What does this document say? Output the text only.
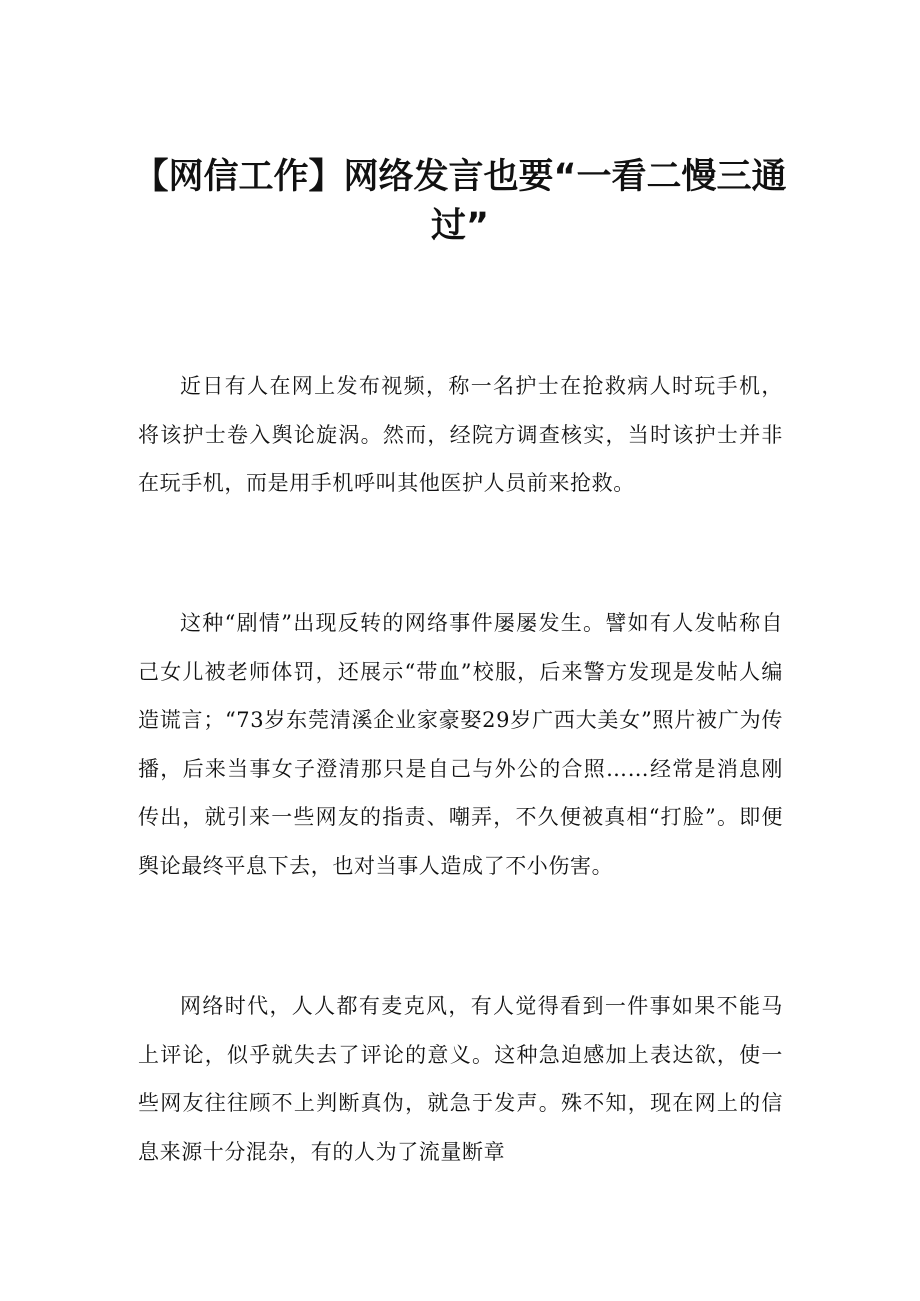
【网信工作】网络发言也要“一看二慢三通
过”

近日有人在网上发布视频，称一名护士在抢救病人时玩手机，将该护士卷入舆论旋涡。然而，经院方调查核实，当时该护士并非在玩手机，而是用手机呼叫其他医护人员前来抢救。

这种“剧情”出现反转的网络事件屡屡发生。譬如有人发帖称自己女儿被老师体罚，还展示“带血”校服，后来警方发现是发帖人编造谎言；“73岁东莞清溪企业家豪娶29岁广西大美女”照片被广为传播，后来当事女子澄清那只是自己与外公的合照……经常是消息刚传出，就引来一些网友的指责、嘲弄，不久便被真相“打脸”。即便舆论最终平息下去，也对当事人造成了不小伤害。

网络时代，人人都有麦克风，有人觉得看到一件事如果不能马上评论，似乎就失去了评论的意义。这种急迫感加上表达欲，使一些网友往往顾不上判断真伪，就急于发声。殊不知，现在网上的信息来源十分混杂，有的人为了流量断章
